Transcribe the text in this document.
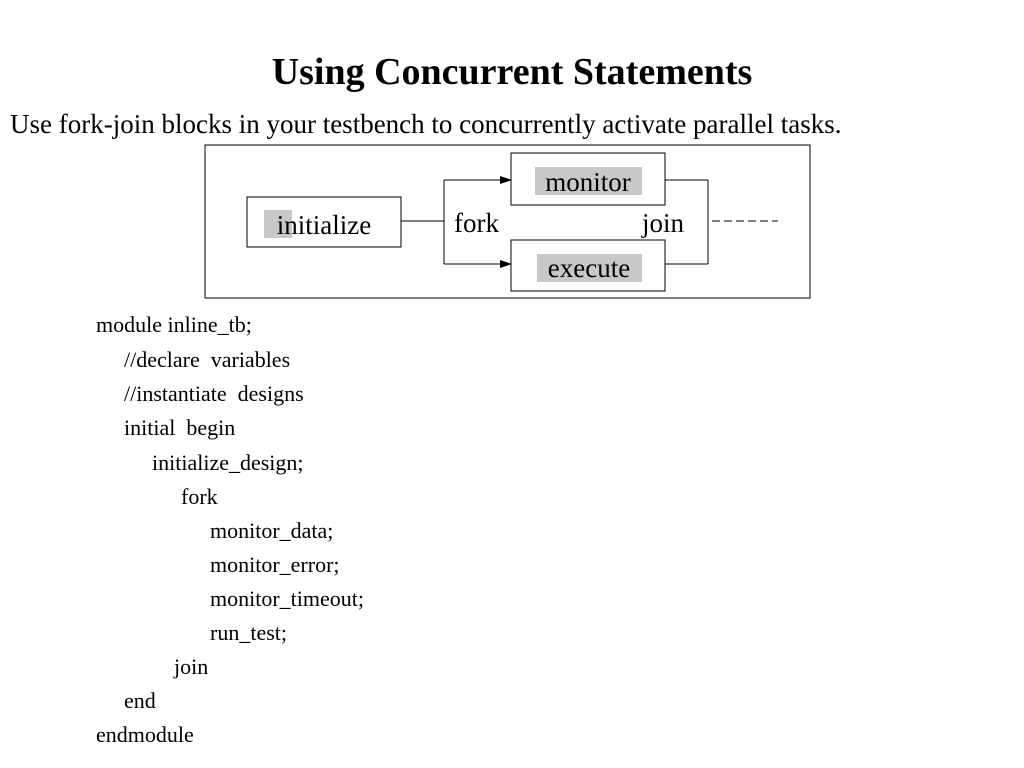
Using Concurrent Statements

Use fork-join blocks in your testbench to concurrently activate parallel tasks.

initialize
monitor
execute
fork	join
module inline_tb;
//declare  variables
//instantiate  designs
initial  begin
initialize_design;
fork
monitor_data;
monitor_error;
monitor_timeout;
run_test;
join
end
endmodule
